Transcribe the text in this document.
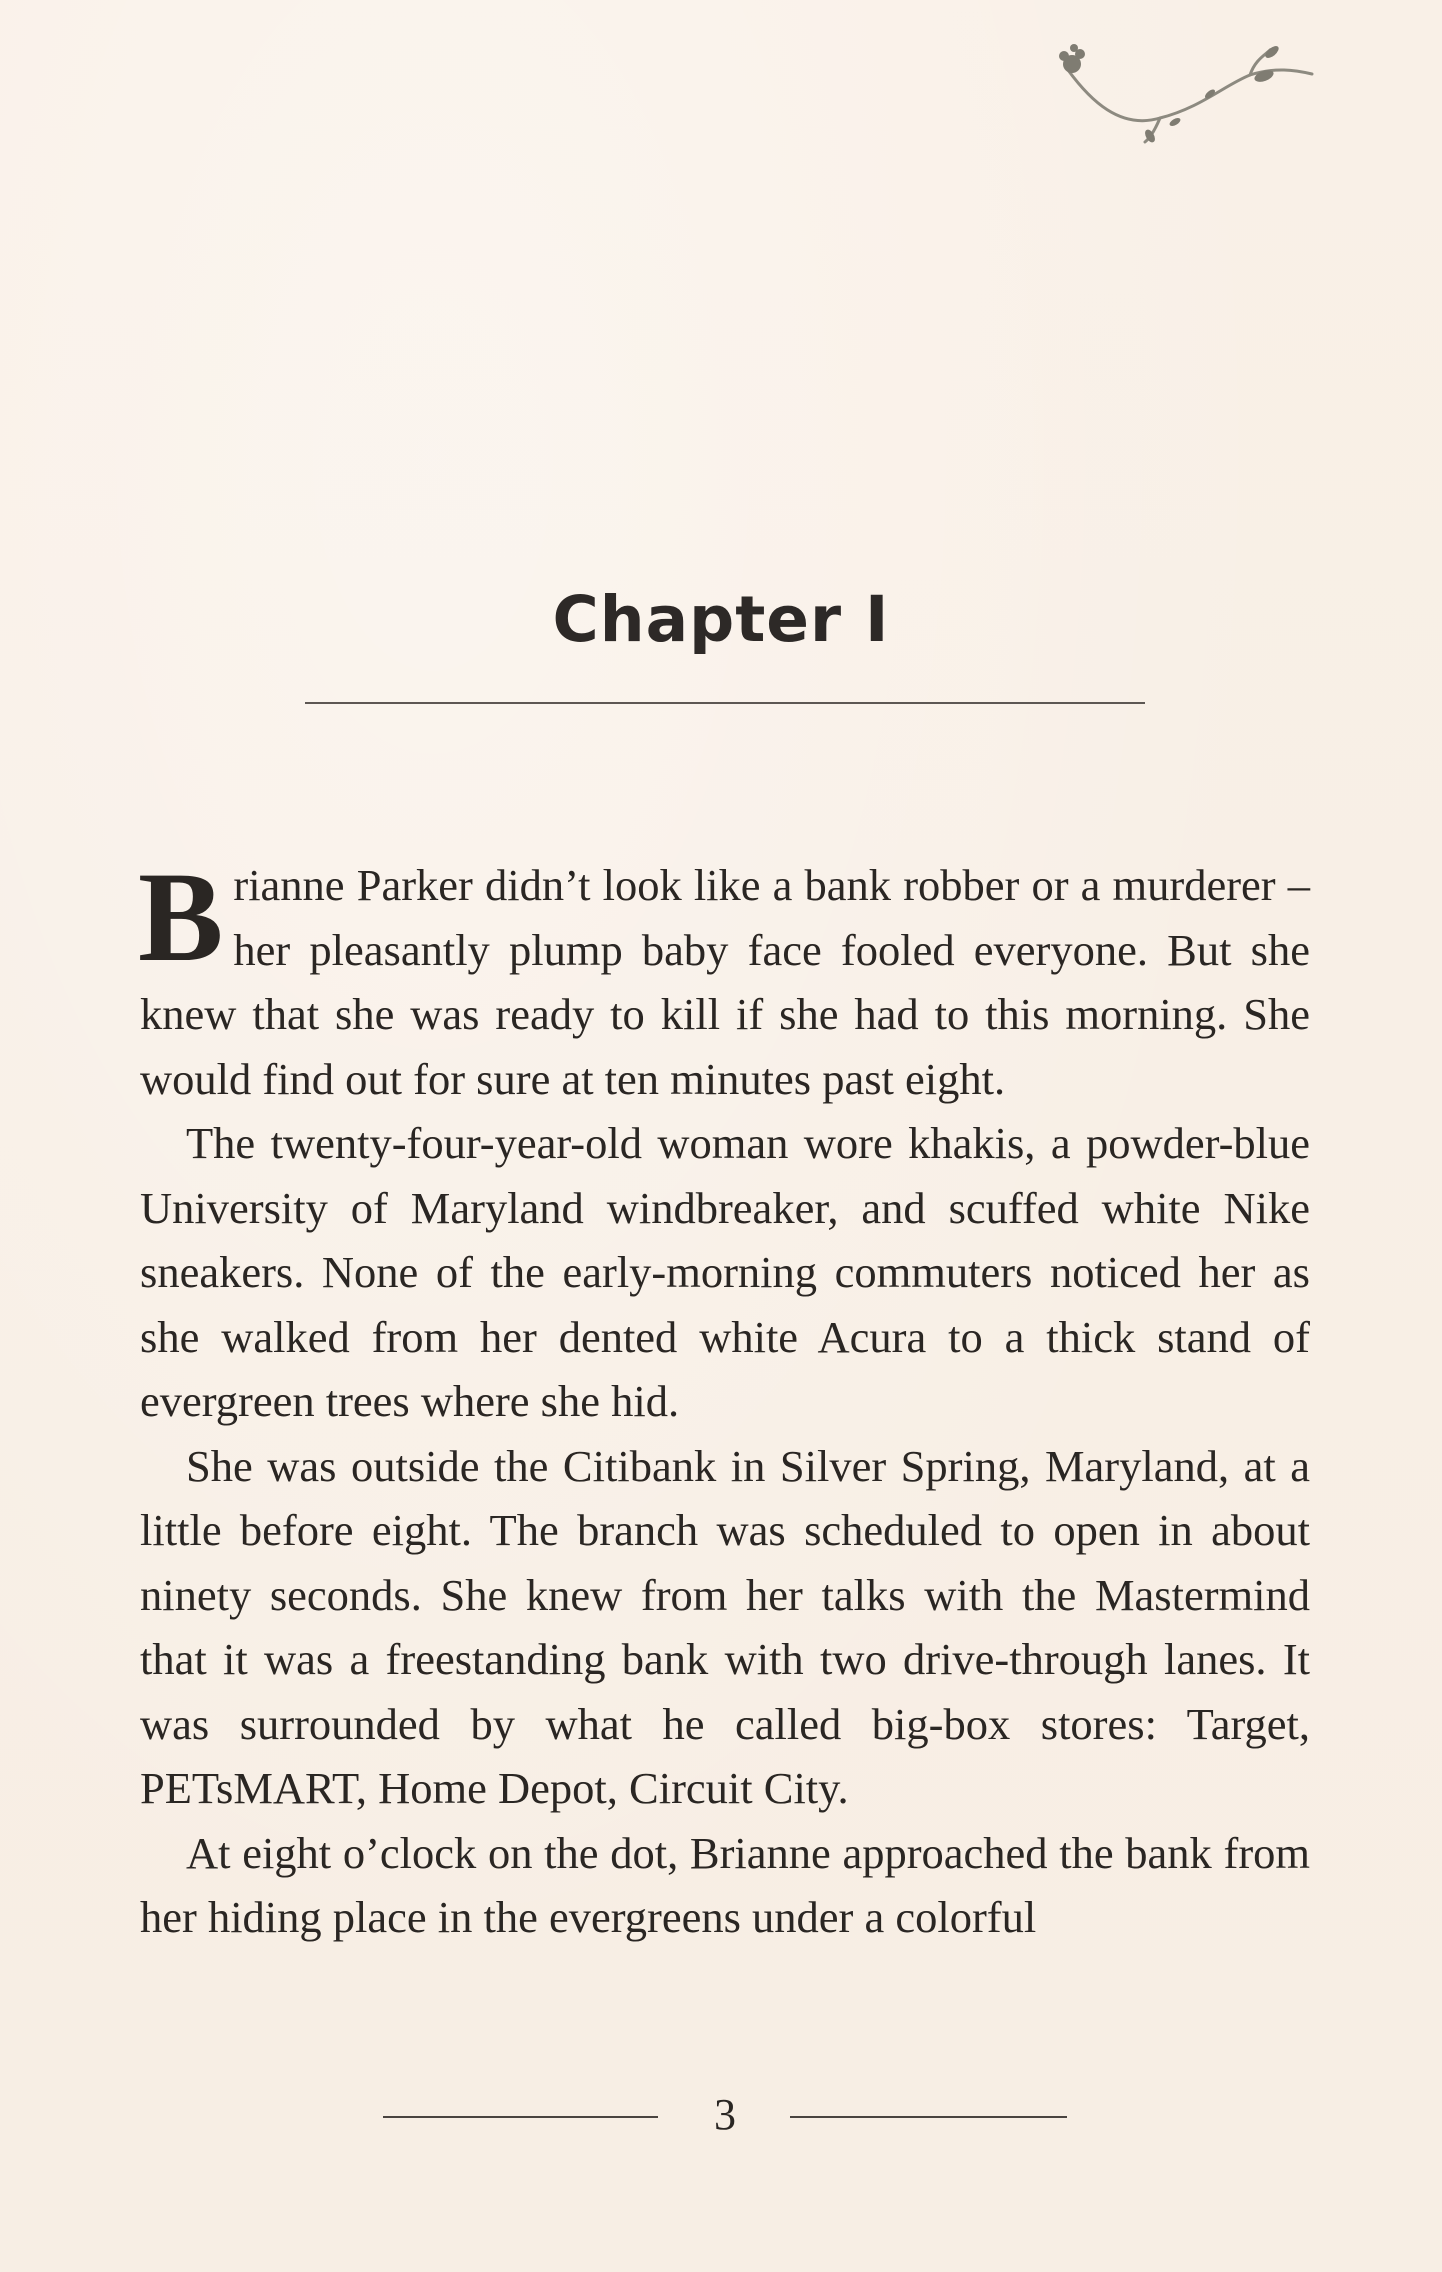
Chapter I

Brianne Parker didn’t look like a bank robber or a murderer – her pleasantly plump baby face fooled everyone. But she knew that she was ready to kill if she had to this morning. She would find out for sure at ten minutes past eight.

The twenty-four-year-old woman wore khakis, a powder-blue University of Maryland windbreaker, and scuffed white Nike sneakers. None of the early-morning commuters noticed her as she walked from her dented white Acura to a thick stand of evergreen trees where she hid.

She was outside the Citibank in Silver Spring, Maryland, at a little before eight. The branch was scheduled to open in about ninety seconds. She knew from her talks with the Mastermind that it was a freestanding bank with two drive-through lanes. It was surrounded by what he called big-box stores: Target, PETsMART, Home Depot, Circuit City.

At eight o’clock on the dot, Brianne approached the bank from her hiding place in the evergreens under a colorful

3
